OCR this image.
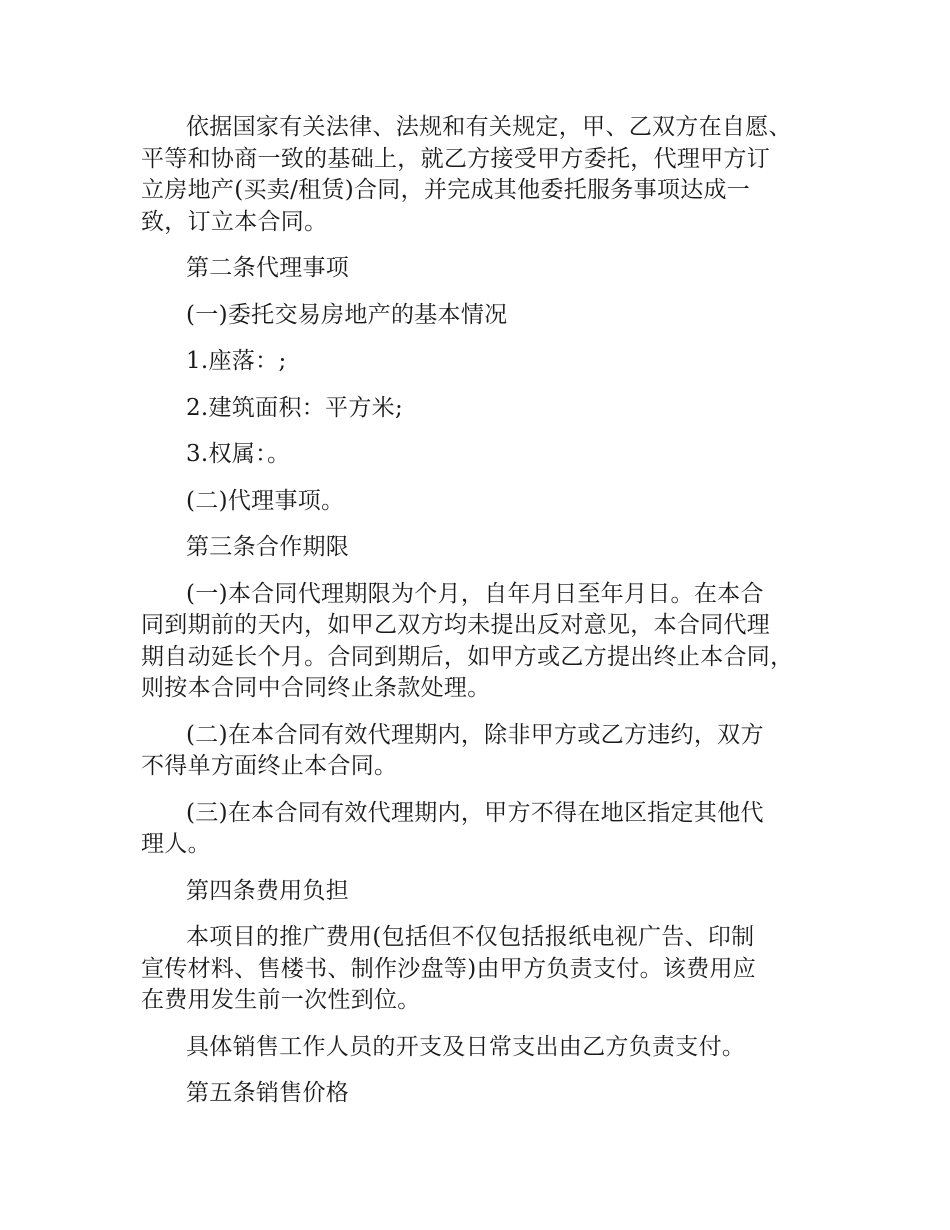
依据国家有关法律、法规和有关规定，甲、乙双方在自愿、
平等和协商一致的基础上，就乙方接受甲方委托，代理甲方订
立房地产(买卖/租赁)合同，并完成其他委托服务事项达成一
致，订立本合同。

第二条代理事项

(一)委托交易房地产的基本情况

1.座落：;

2.建筑面积：平方米;

3.权属：。

(二)代理事项。

第三条合作期限

(一)本合同代理期限为个月，自年月日至年月日。在本合
同到期前的天内，如甲乙双方均未提出反对意见，本合同代理
期自动延长个月。合同到期后，如甲方或乙方提出终止本合同，
则按本合同中合同终止条款处理。

(二)在本合同有效代理期内，除非甲方或乙方违约，双方
不得单方面终止本合同。

(三)在本合同有效代理期内，甲方不得在地区指定其他代
理人。

第四条费用负担

本项目的推广费用(包括但不仅包括报纸电视广告、印制
宣传材料、售楼书、制作沙盘等)由甲方负责支付。该费用应
在费用发生前一次性到位。

具体销售工作人员的开支及日常支出由乙方负责支付。

第五条销售价格
